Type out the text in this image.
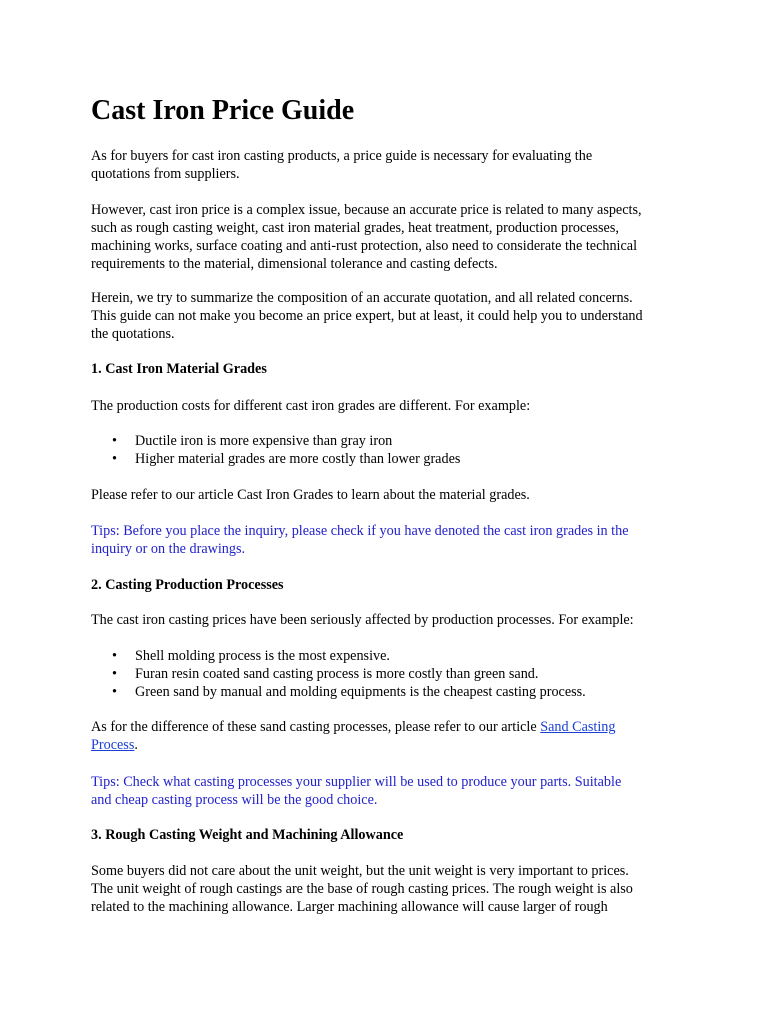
Cast Iron Price Guide

As for buyers for cast iron casting products, a price guide is necessary for evaluating the
quotations from suppliers.

However, cast iron price is a complex issue, because an accurate price is related to many aspects,
such as rough casting weight, cast iron material grades, heat treatment, production processes,
machining works, surface coating and anti-rust protection, also need to considerate the technical
requirements to the material, dimensional tolerance and casting defects.

Herein, we try to summarize the composition of an accurate quotation, and all related concerns.
This guide can not make you become an price expert, but at least, it could help you to understand
the quotations.

1. Cast Iron Material Grades

The production costs for different cast iron grades are different. For example:

• Ductile iron is more expensive than gray iron
• Higher material grades are more costly than lower grades

Please refer to our article Cast Iron Grades to learn about the material grades.

Tips: Before you place the inquiry, please check if you have denoted the cast iron grades in the
inquiry or on the drawings.

2. Casting Production Processes

The cast iron casting prices have been seriously affected by production processes. For example:

• Shell molding process is the most expensive.
• Furan resin coated sand casting process is more costly than green sand.
• Green sand by manual and molding equipments is the cheapest casting process.

As for the difference of these sand casting processes, please refer to our article Sand Casting
Process.

Tips: Check what casting processes your supplier will be used to produce your parts. Suitable
and cheap casting process will be the good choice.

3. Rough Casting Weight and Machining Allowance

Some buyers did not care about the unit weight, but the unit weight is very important to prices.
The unit weight of rough castings are the base of rough casting prices. The rough weight is also
related to the machining allowance. Larger machining allowance will cause larger of rough
